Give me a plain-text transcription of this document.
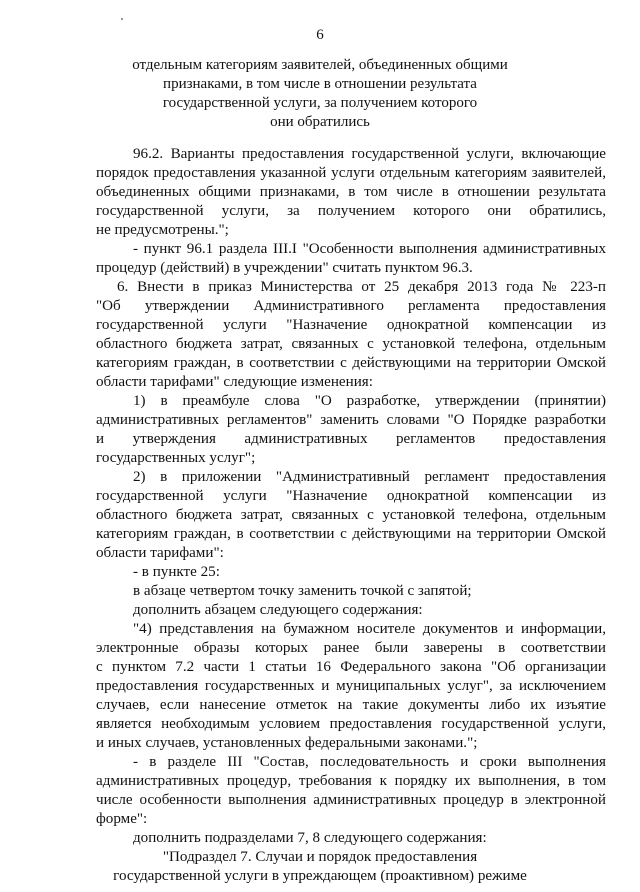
6
отдельным категориям заявителей, объединенных общими
признаками, в том числе в отношении результата
государственной услуги, за получением которого
они обратились
96.2. Варианты предоставления государственной услуги, включающие
порядок предоставления указанной услуги отдельным категориям заявителей,
объединенных общими признаками, в том числе в отношении результата
государственной услуги, за получением которого они обратились,
не предусмотрены.";
- пункт 96.1 раздела III.I "Особенности выполнения административных
процедур (действий) в учреждении" считать пунктом 96.3.
6. Внести в приказ Министерства от 25 декабря 2013 года № 223-п
"Об утверждении Административного регламента предоставления
государственной услуги "Назначение однократной компенсации из
областного бюджета затрат, связанных с установкой телефона, отдельным
категориям граждан, в соответствии с действующими на территории Омской
области тарифами" следующие изменения:
1) в преамбуле слова "О разработке, утверждении (принятии)
административных регламентов" заменить словами "О Порядке разработки
и утверждения административных регламентов предоставления
государственных услуг";
2) в приложении "Административный регламент предоставления
государственной услуги "Назначение однократной компенсации из
областного бюджета затрат, связанных с установкой телефона, отдельным
категориям граждан, в соответствии с действующими на территории Омской
области тарифами":
- в пункте 25:
в абзаце четвертом точку заменить точкой с запятой;
дополнить абзацем следующего содержания:
"4) представления на бумажном носителе документов и информации,
электронные образы которых ранее были заверены в соответствии
с пунктом 7.2 части 1 статьи 16 Федерального закона "Об организации
предоставления государственных и муниципальных услуг", за исключением
случаев, если нанесение отметок на такие документы либо их изъятие
является необходимым условием предоставления государственной услуги,
и иных случаев, установленных федеральными законами.";
- в разделе III "Состав, последовательность и сроки выполнения
административных процедур, требования к порядку их выполнения, в том
числе особенности выполнения административных процедур в электронной
форме":
дополнить подразделами 7, 8 следующего содержания:
"Подраздел 7. Случаи и порядок предоставления
государственной услуги в упреждающем (проактивном) режиме
